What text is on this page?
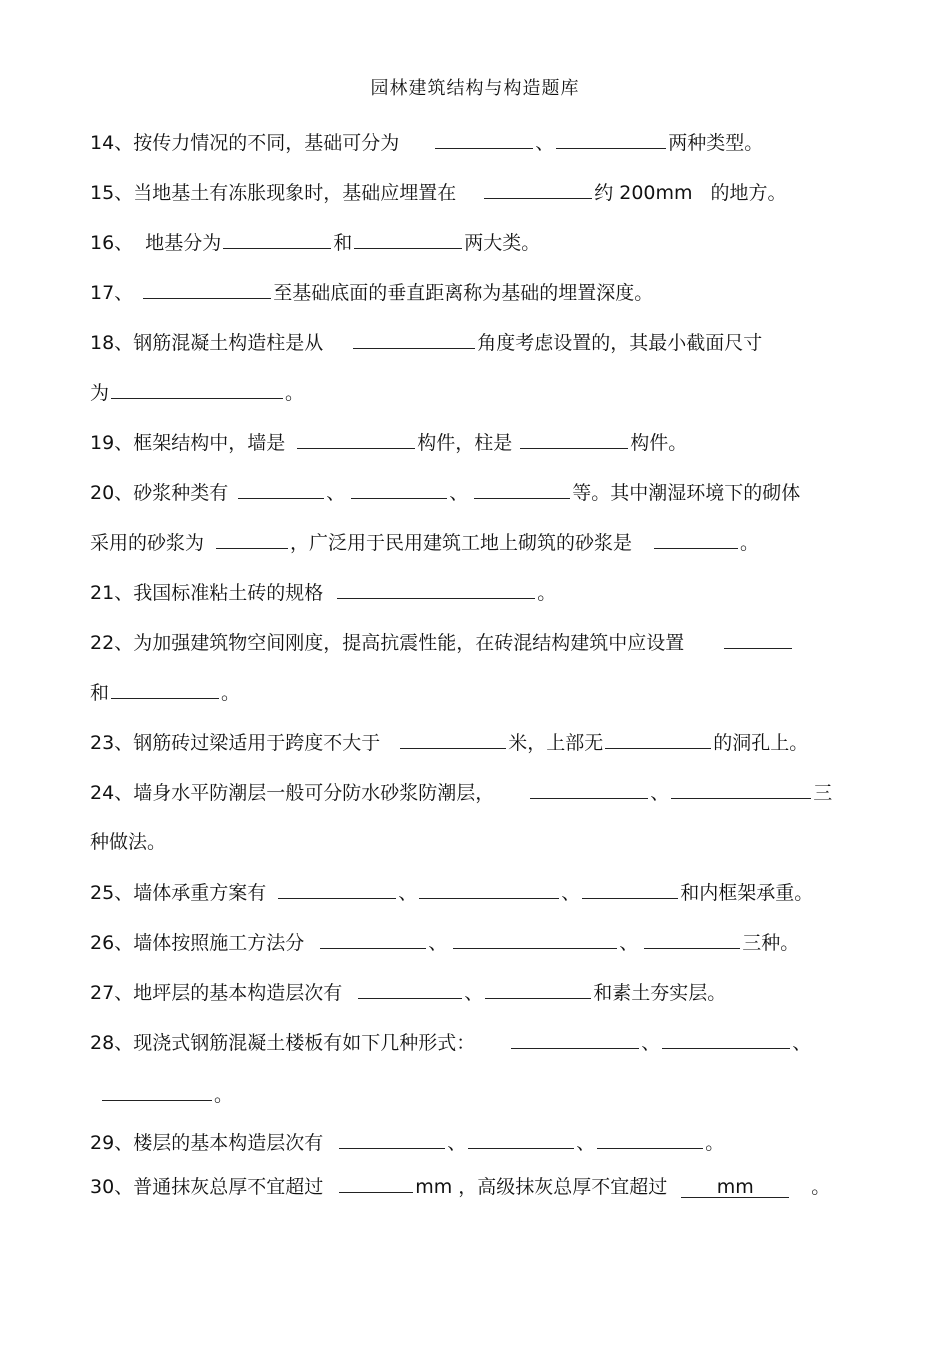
园林建筑结构与构造题库
14、按传力情况的不同，基础可分为	、	两种类型。
15、当地基土有冻胀现象时，基础应埋置在	约 200mm 的地方。
16、 地基分为	和	两大类。
17、	至基础底面的垂直距离称为基础的埋置深度。
18、钢筋混凝土构造柱是从	角度考虑设置的，其最小截面尺寸
为	。
19、框架结构中，墙是	构件，柱是	构件。
20、砂浆种类有	、	、	等。其中潮湿环境下的砌体
采用的砂浆为	，广泛用于民用建筑工地上砌筑的砂浆是	。
21、我国标准粘土砖的规格	。
22、为加强建筑物空间刚度，提高抗震性能，在砖混结构建筑中应设置
和	。
23、钢筋砖过梁适用于跨度不大于	米，上部无	的洞孔上。
24、墙身水平防潮层一般可分防水砂浆防潮层，	、	三
种做法。
25、墙体承重方案有	、	、	和内框架承重。
26、墙体按照施工方法分	、	、	三种。
27、地坪层的基本构造层次有	、	和素土夯实层。
28、现浇式钢筋混凝土楼板有如下几种形式：	、	、
。
29、楼层的基本构造层次有	、	、	。
30、普通抹灰总厚不宜超过	mm ，高级抹灰总厚不宜超过	mm	。
